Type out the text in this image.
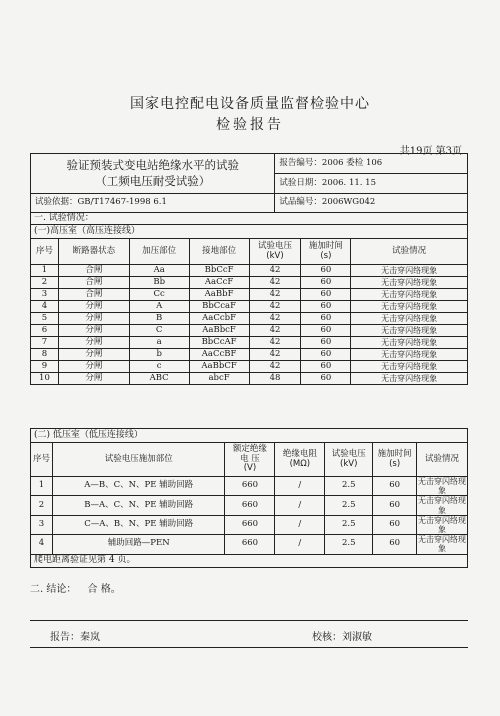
国家电控配电设备质量监督检验中心
检验报告
共19页 第3页
验证预装式变电站绝缘水平的试验
（工频电压耐受试验）	报告编号：2006 委检 106
	试验日期：2006. 11. 15
试验依据：GB/T17467-1998 6.1	试品编号：2006WG042
一. 试验情况：						
(一)高压室（高压连接线）						
序号	断路器状态	加压部位	接地部位	试验电压
(kV)	施加时间
(s)	试验情况
1	合闸	Aa	BbCcF	42	60	无击穿闪络现象
2	合闸	Bb	AaCcF	42	60	无击穿闪络现象
3	合闸	Cc	AaBbF	42	60	无击穿闪络现象
4	分闸	A	BbCcaF	42	60	无击穿闪络现象
5	分闸	B	AaCcbF	42	60	无击穿闪络现象
6	分闸	C	AaBbcF	42	60	无击穿闪络现象
7	分闸	a	BbCcAF	42	60	无击穿闪络现象
8	分闸	b	AaCcBF	42	60	无击穿闪络现象
9	分闸	c	AaBbCF	42	60	无击穿闪络现象
10	分闸	ABC	abcF	48	60	无击穿闪络现象
(二) 低压室（低压连接线）						
序号	试验电压施加部位	额定绝缘
电 压
(V)	绝缘电阻
(MΩ)	试验电压
(kV)	施加时间
(s)	试验情况
1	A—B、C、N、PE 辅助回路	660	/	2.5	60	无击穿闪络现象
2	B—A、C、N、PE 辅助回路	660	/	2.5	60	无击穿闪络现象
3	C—A、B、N、PE 辅助回路	660	/	2.5	60	无击穿闪络现象
4	辅助回路—PEN	660	/	2.5	60	无击穿闪络现象
爬电距离验证见第 4 页。						
二. 结论： 合 格。
报告：秦岚	校核：刘淑敏
